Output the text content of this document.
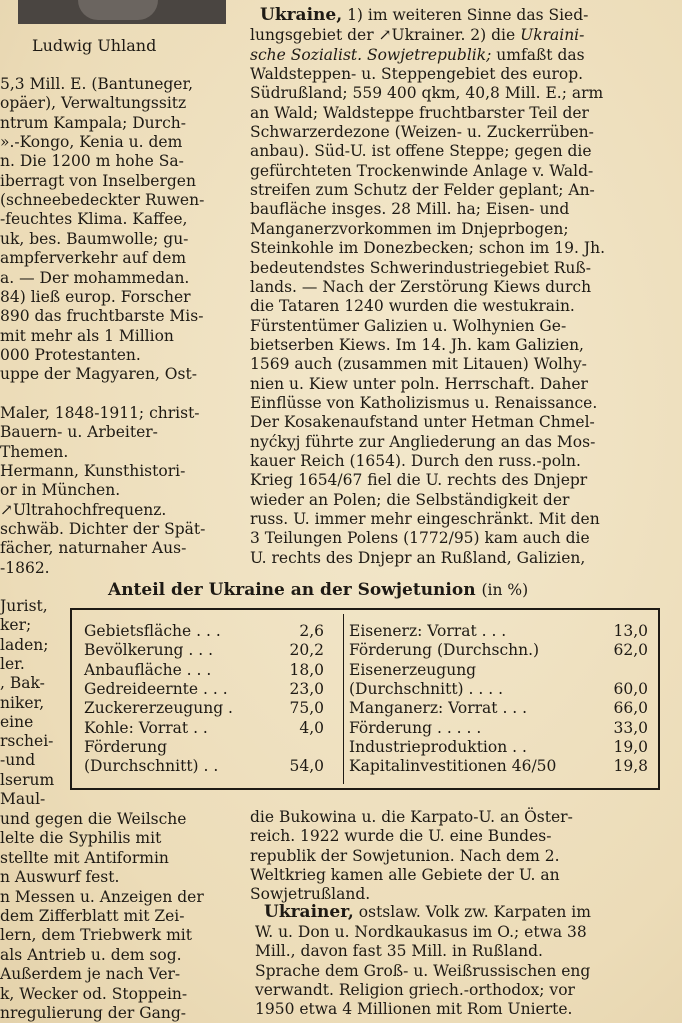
Ludwig Uhland
5,3 Mill. E. (Bantuneger,
opäer), Verwaltungssitz
ntrum Kampala; Durch-
».-Kongo, Kenia u. dem
n. Die 1200 m hohe Sa-
iberragt von Inselbergen
(schneebedeckter Ruwen-
-feuchtes Klima. Kaffee,
uk, bes. Baumwolle; gu-
ampferverkehr auf dem
a. — Der mohammedan.
84) ließ europ. Forscher
890 das fruchtbarste Mis-
mit mehr als 1 Million
000 Protestanten.
uppe der Magyaren, Ost-
Maler, 1848-1911; christ-
Bauern- u. Arbeiter-
Themen.
Hermann, Kunsthistori-
or in München.
↗Ultrahochfrequenz.
schwäb. Dichter der Spät-
fächer, naturnaher Aus-
-1862.
Jurist,
ker;
laden;
ler.
, Bak-
niker,
eine
rschei-
-und
lserum
Maul-
und gegen die Weilsche
lelte die Syphilis mit
stellte mit Antiformin
n Auswurf fest.
n Messen u. Anzeigen der
dem Zifferblatt mit Zei-
lern, dem Triebwerk mit
als Antrieb u. dem sog.
Außerdem je nach Ver-
k, Wecker od. Stoppein-
nregulierung der Gang-
Ukraine, 1) im weiteren Sinne das Sied-
lungsgebiet der ↗Ukrainer. 2) die Ukraini-
sche Sozialist. Sowjetrepublik; umfaßt das
Waldsteppen- u. Steppengebiet des europ.
Südrußland; 559 400 qkm, 40,8 Mill. E.; arm
an Wald; Waldsteppe fruchtbarster Teil der
Schwarzerdezone (Weizen- u. Zuckerrüben-
anbau). Süd-U. ist offene Steppe; gegen die
gefürchteten Trockenwinde Anlage v. Wald-
streifen zum Schutz der Felder geplant; An-
baufläche insges. 28 Mill. ha; Eisen- und
Manganerzvorkommen im Dnjeprbogen;
Steinkohle im Donezbecken; schon im 19. Jh.
bedeutendstes Schwerindustriegebiet Ruß-
lands. — Nach der Zerstörung Kiews durch
die Tataren 1240 wurden die westukrain.
Fürstentümer Galizien u. Wolhynien Ge-
bietserben Kiews. Im 14. Jh. kam Galizien,
1569 auch (zusammen mit Litauen) Wolhy-
nien u. Kiew unter poln. Herrschaft. Daher
Einflüsse von Katholizismus u. Renaissance.
Der Kosakenaufstand unter Hetman Chmel-
nyćkyj führte zur Angliederung an das Mos-
kauer Reich (1654). Durch den russ.-poln.
Krieg 1654/67 fiel die U. rechts des Dnjepr
wieder an Polen; die Selbständigkeit der
russ. U. immer mehr eingeschränkt. Mit den
3 Teilungen Polens (1772/95) kam auch die
U. rechts des Dnjepr an Rußland, Galizien,
Anteil der Ukraine an der Sowjetunion (in %)
Gebietsfläche . . .	2,6
Bevölkerung . . .	20,2
Anbaufläche . . .	18,0
Gedreideernte . . .	23,0
Zuckererzeugung .	75,0
Kohle: Vorrat . .	4,0
Förderung
(Durchschnitt) . .	54,0
Eisenerz: Vorrat . . .	13,0
Förderung (Durchschn.)	62,0
Eisenerzeugung
(Durchschnitt) . . . .	60,0
Manganerz: Vorrat . . .	66,0
Förderung . . . . .	33,0
Industrieproduktion . .	19,0
Kapitalinvestitionen 46/50	19,8
die Bukowina u. die Karpato-U. an Öster-
reich. 1922 wurde die U. eine Bundes-
republik der Sowjetunion. Nach dem 2.
Weltkrieg kamen alle Gebiete der U. an
Sowjetrußland.
Ukrainer, ostslaw. Volk zw. Karpaten im
W. u. Don u. Nordkaukasus im O.; etwa 38
Mill., davon fast 35 Mill. in Rußland.
Sprache dem Groß- u. Weißrussischen eng
verwandt. Religion griech.-orthodox; vor
1950 etwa 4 Millionen mit Rom Unierte.
